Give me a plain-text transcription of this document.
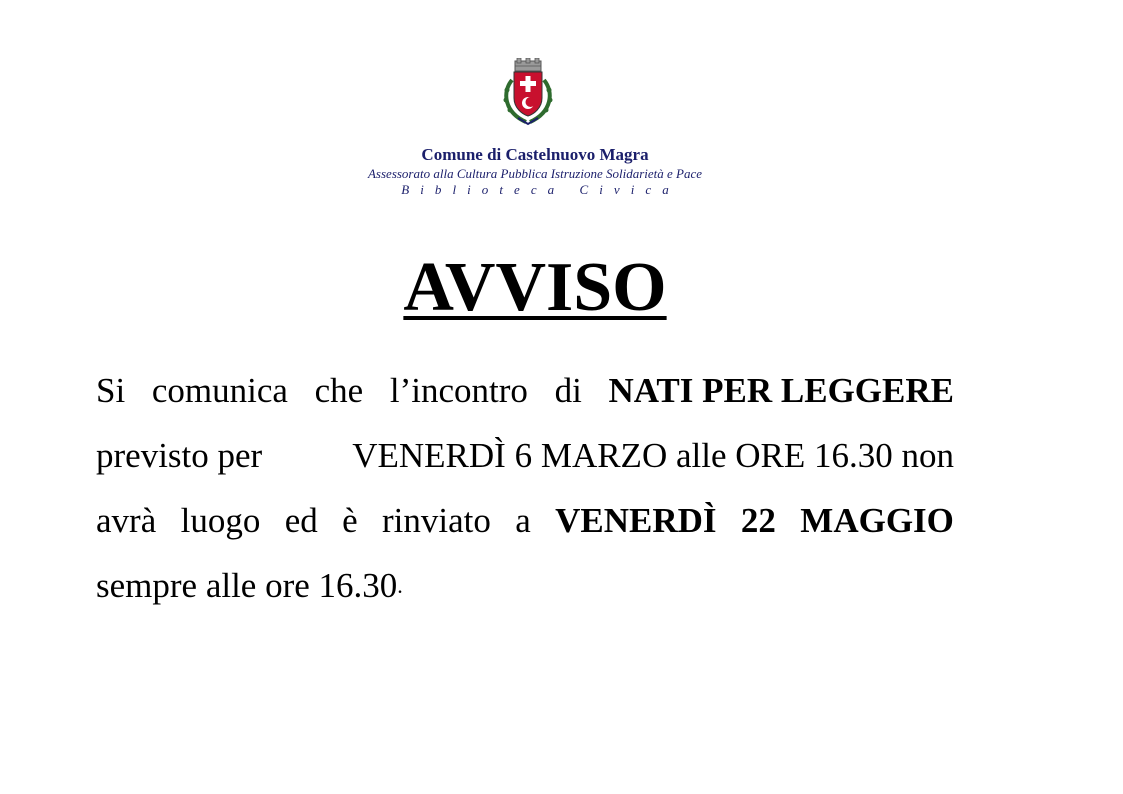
Comune di Castelnuovo Magra
Assessorato alla Cultura Pubblica Istruzione Solidarietà e Pace
Biblioteca Civica
AVVISO
Si comunica che l’incontro di NATI PER LEGGERE
previsto per	VENERDÌ 6 MARZO alle ORE 16.30 non
avrà luogo ed è rinviato a VENERDÌ 22 MAGGIO
sempre alle ore 16.30 .
